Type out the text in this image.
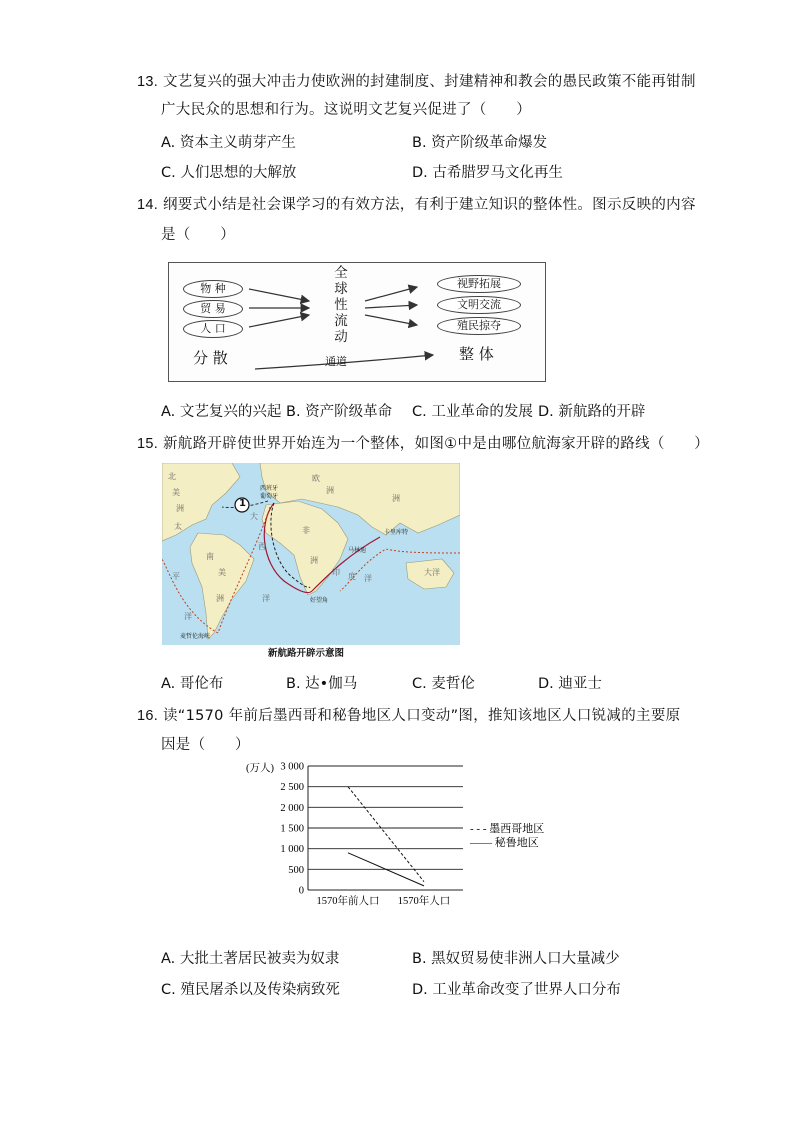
13. 文艺复兴的强大冲击力使欧洲的封建制度、封建精神和教会的愚民政策不能再钳制
广大民众的思想和行为。这说明文艺复兴促进了（　　）
A. 资本主义萌芽产生	B. 资产阶级革命爆发
C. 人们思想的大解放	D. 古希腊罗马文化再生
14. 纲要式小结是社会课学习的有效方法，有利于建立知识的整体性。图示反映的内容
是（　　）
物 种
贸 易
人 口
全
球
性
流
动
视野拓展
文明交流
殖民掠夺
分 散	通道	整 体
A. 文艺复兴的兴起 B. 资产阶级革命 C. 工业革命的发展 D. 新航路的开辟
15. 新航路开辟使世界开始连为一个整体，如图①中是由哪位航海家开辟的路线（　　）
1
北
美
洲
欧
洲
洲
非
洲
南
美
洲
印 度 洋
太
平
洋
大
西
洋
大洋
西班牙
葡萄牙
卡里库特
马林迪
好望角
麦哲伦海峡
新航路开辟示意图
A. 哥伦布	B. 达•伽马	C. 麦哲伦	D. 迪亚士
16. 读“1570 年前后墨西哥和秘鲁地区人口变动”图，推知该地区人口锐减的主要原
因是（　　）
3 000
2 500
2 000
1 500
1 000
500
0
(万人)
1570年前人口 1570年人口
- - - 墨西哥地区
—— 秘鲁地区
A. 大批土著居民被卖为奴隶	B. 黑奴贸易使非洲人口大量减少
C. 殖民屠杀以及传染病致死	D. 工业革命改变了世界人口分布
